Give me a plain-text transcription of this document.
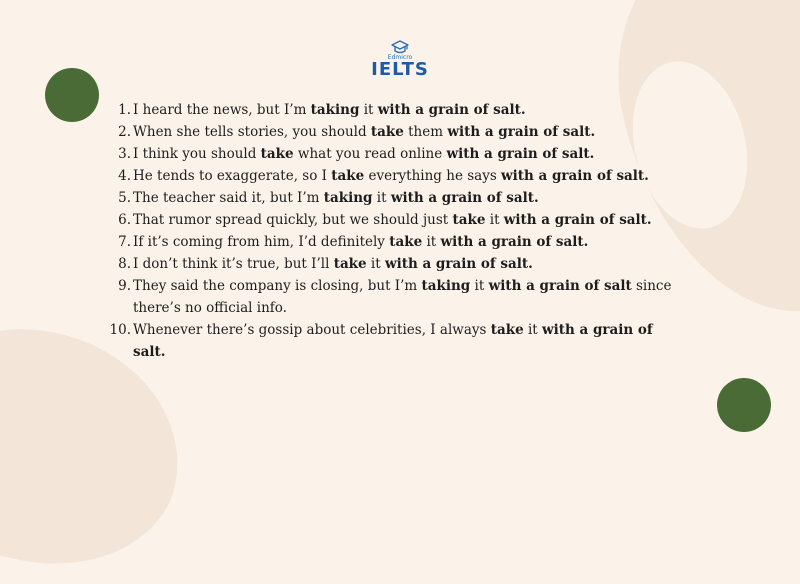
Edmicro
IELTS
1. I heard the news, but I’m taking it with a grain of salt.
2. When she tells stories, you should take them with a grain of salt.
3. I think you should take what you read online with a grain of salt.
4. He tends to exaggerate, so I take everything he says with a grain of salt.
5. The teacher said it, but I’m taking it with a grain of salt.
6. That rumor spread quickly, but we should just take it with a grain of salt.
7. If it’s coming from him, I’d definitely take it with a grain of salt.
8. I don’t think it’s true, but I’ll take it with a grain of salt.
9. They said the company is closing, but I’m taking it with a grain of salt since there’s no official info.
10. Whenever there’s gossip about celebrities, I always take it with a grain of salt.
